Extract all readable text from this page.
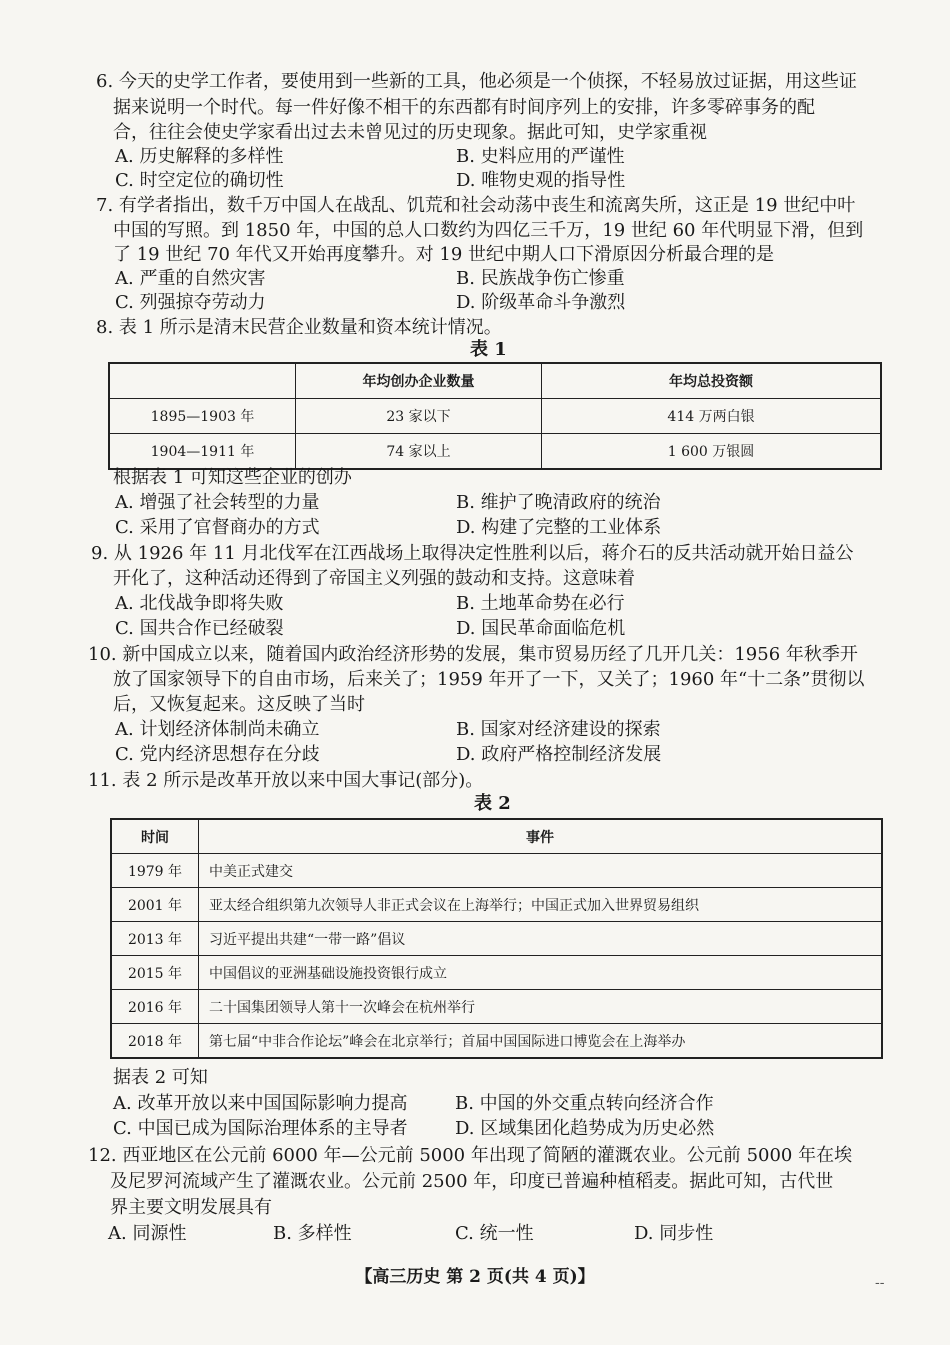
6. 今天的史学工作者，要使用到一些新的工具，他必须是一个侦探，不轻易放过证据，用这些证
据来说明一个时代。每一件好像不相干的东西都有时间序列上的安排，许多零碎事务的配
合，往往会使史学家看出过去未曾见过的历史现象。据此可知，史学家重视
A. 历史解释的多样性	B. 史料应用的严谨性
C. 时空定位的确切性	D. 唯物史观的指导性
7. 有学者指出，数千万中国人在战乱、饥荒和社会动荡中丧生和流离失所，这正是 19 世纪中叶
中国的写照。到 1850 年，中国的总人口数约为四亿三千万，19 世纪 60 年代明显下滑，但到
了 19 世纪 70 年代又开始再度攀升。对 19 世纪中期人口下滑原因分析最合理的是
A. 严重的自然灾害	B. 民族战争伤亡惨重
C. 列强掠夺劳动力	D. 阶级革命斗争激烈
8. 表 1 所示是清末民营企业数量和资本统计情况。
表 1
	年均创办企业数量	年均总投资额
1895—1903 年	23 家以下	414 万两白银
1904—1911 年	74 家以上	1 600 万银圆
根据表 1 可知这些企业的创办
A. 增强了社会转型的力量	B. 维护了晚清政府的统治
C. 采用了官督商办的方式	D. 构建了完整的工业体系
9. 从 1926 年 11 月北伐军在江西战场上取得决定性胜利以后，蒋介石的反共活动就开始日益公
开化了，这种活动还得到了帝国主义列强的鼓动和支持。这意味着
A. 北伐战争即将失败	B. 土地革命势在必行
C. 国共合作已经破裂	D. 国民革命面临危机
10. 新中国成立以来，随着国内政治经济形势的发展，集市贸易历经了几开几关：1956 年秋季开
放了国家领导下的自由市场，后来关了；1959 年开了一下，又关了；1960 年“十二条”贯彻以
后，又恢复起来。这反映了当时
A. 计划经济体制尚未确立	B. 国家对经济建设的探索
C. 党内经济思想存在分歧	D. 政府严格控制经济发展
11. 表 2 所示是改革开放以来中国大事记(部分)。
表 2
时间	事件
1979 年	中美正式建交
2001 年	亚太经合组织第九次领导人非正式会议在上海举行；中国正式加入世界贸易组织
2013 年	习近平提出共建“一带一路”倡议
2015 年	中国倡议的亚洲基础设施投资银行成立
2016 年	二十国集团领导人第十一次峰会在杭州举行
2018 年	第七届“中非合作论坛”峰会在北京举行；首届中国国际进口博览会在上海举办
据表 2 可知
A. 改革开放以来中国国际影响力提高	B. 中国的外交重点转向经济合作
C. 中国已成为国际治理体系的主导者	D. 区域集团化趋势成为历史必然
12. 西亚地区在公元前 6000 年—公元前 5000 年出现了简陋的灌溉农业。公元前 5000 年在埃
及尼罗河流域产生了灌溉农业。公元前 2500 年，印度已普遍种植稻麦。据此可知，古代世
界主要文明发展具有
A. 同源性	B. 多样性	C. 统一性	D. 同步性
【高三历史 第 2 页(共 4 页)】	--
